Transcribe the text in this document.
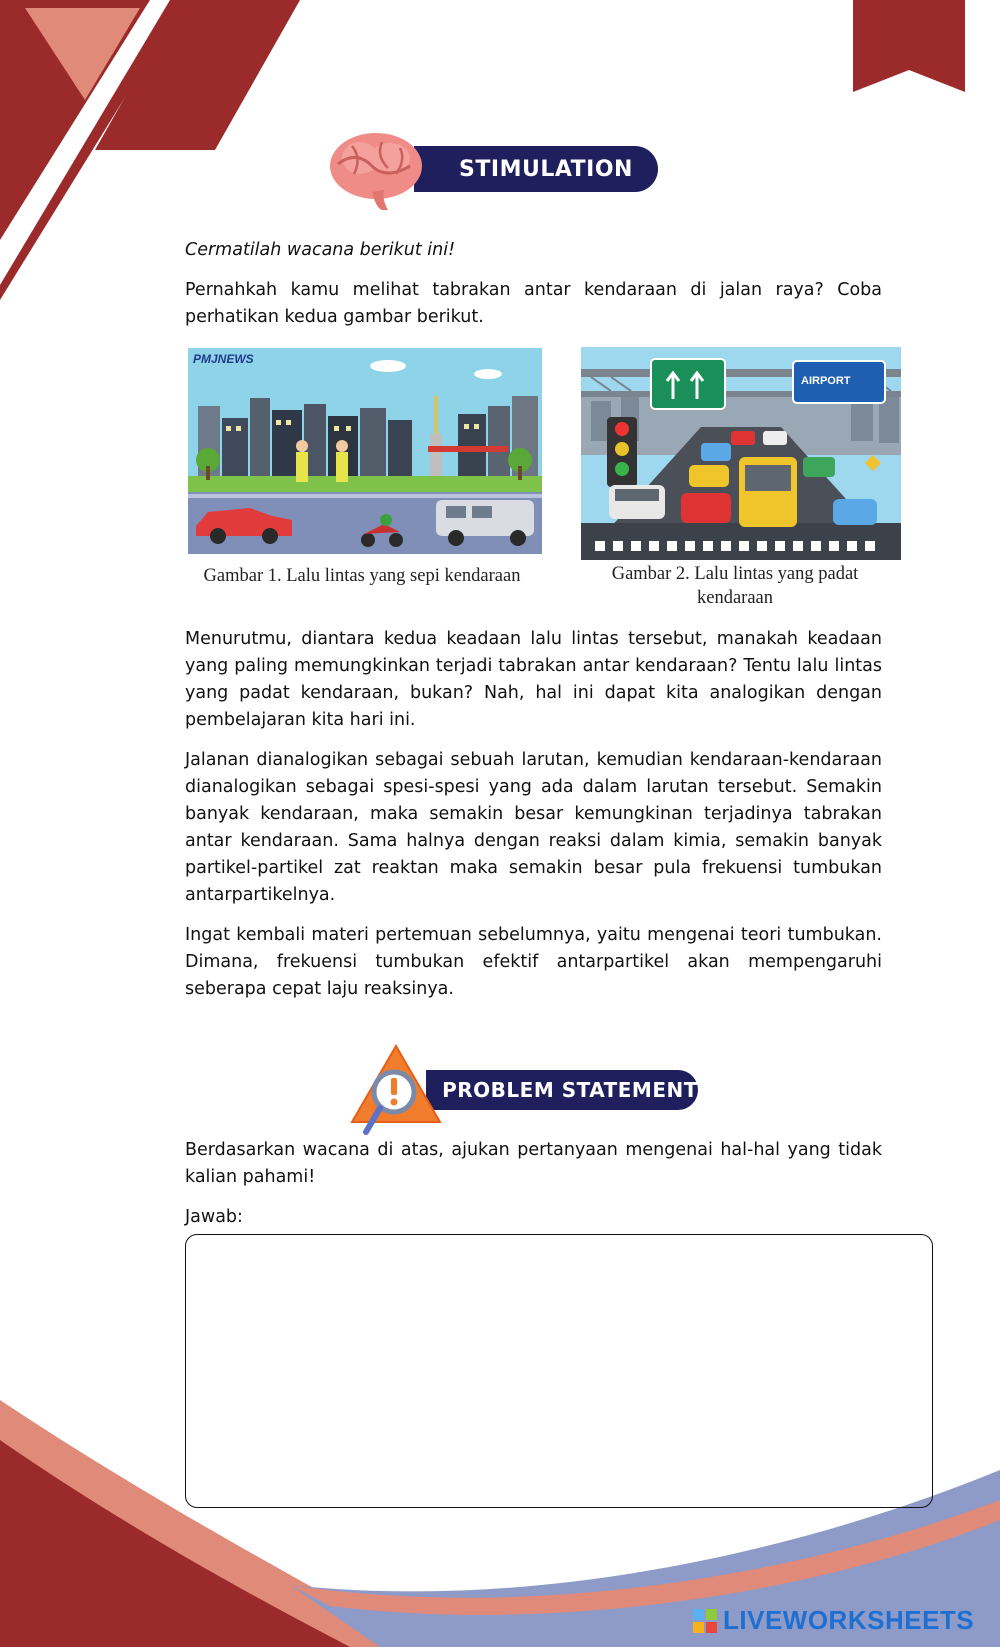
STIMULATION

Cermatilah wacana berikut ini!

Pernahkah kamu melihat tabrakan antar kendaraan di jalan raya? Coba perhatikan kedua gambar berikut.

PMJNEWS
Gambar 1. Lalu lintas yang sepi kendaraan
AIRPORT
Gambar 2. Lalu lintas yang padat kendaraan

Menurutmu, diantara kedua keadaan lalu lintas tersebut, manakah keadaan yang paling memungkinkan terjadi tabrakan antar kendaraan? Tentu lalu lintas yang padat kendaraan, bukan? Nah, hal ini dapat kita analogikan dengan pembelajaran kita hari ini.

Jalanan dianalogikan sebagai sebuah larutan, kemudian kendaraan-kendaraan dianalogikan sebagai spesi-spesi yang ada dalam larutan tersebut. Semakin banyak kendaraan, maka semakin besar kemungkinan terjadinya tabrakan antar kendaraan. Sama halnya dengan reaksi dalam kimia, semakin banyak partikel-partikel zat reaktan maka semakin besar pula frekuensi tumbukan antarpartikelnya.

Ingat kembali materi pertemuan sebelumnya, yaitu mengenai teori tumbukan. Dimana, frekuensi tumbukan efektif antarpartikel akan mempengaruhi seberapa cepat laju reaksinya.

PROBLEM STATEMENT

Berdasarkan wacana di atas, ajukan pertanyaan mengenai hal-hal yang tidak kalian pahami!

Jawab:

LIVEWORKSHEETS
